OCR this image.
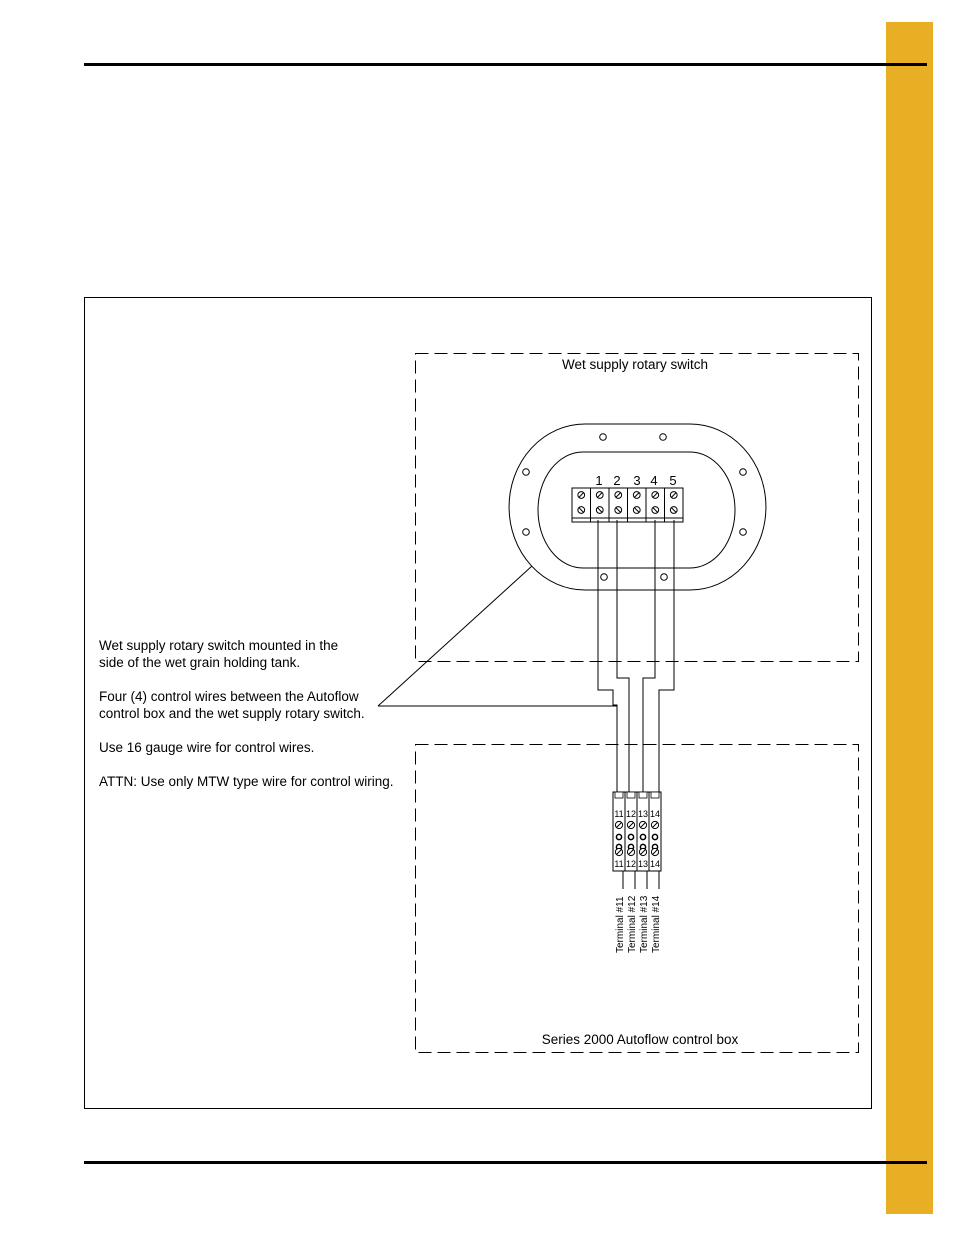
Wet supply rotary switch
Series 2000 Autoflow control box
1 2 3 4 5
11 12 13 14
11 12 13 14
Terminal #11 Terminal #12 Terminal #13 Terminal #14
Wet supply rotary switch mounted in the
side of the wet grain holding tank.
Four (4) control wires between the Autoflow
control box and the wet supply rotary switch.
Use 16 gauge wire for control wires.
ATTN: Use only MTW type wire for control wiring.
